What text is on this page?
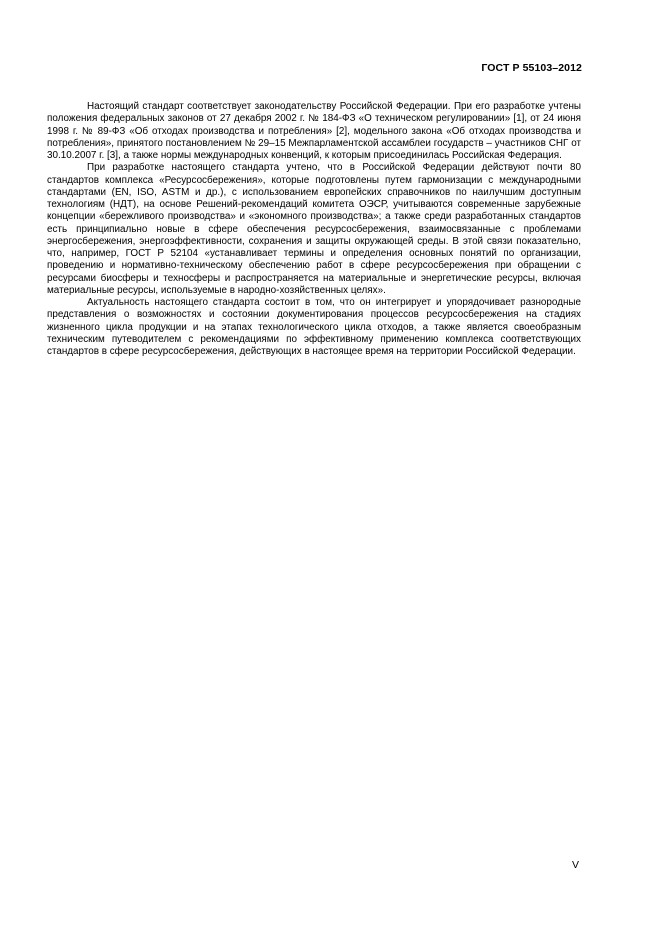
ГОСТ Р 55103–2012

Настоящий стандарт соответствует законодательству Российской Федерации. При его разработке учтены положения федеральных законов от 27 декабря 2002 г. № 184-ФЗ «О техническом регулировании» [1], от 24 июня 1998 г. № 89-ФЗ «Об отходах производства и потребления» [2], модельного закона «Об отходах производства и потребления», принятого постановлением № 29–15 Межпарламентской ассамблеи государств – участников СНГ от 30.10.2007 г. [3], а также нормы международных конвенций, к которым присоединилась Российская Федерация.

При разработке настоящего стандарта учтено, что в Российской Федерации действуют почти 80 стандартов комплекса «Ресурсосбережения», которые подготовлены путем гармонизации с международными стандартами (EN, ISO, ASTM и др.), с использованием европейских справочников по наилучшим доступным технологиям (НДТ), на основе Решений-рекомендаций комитета ОЭСР, учитываются современные зарубежные концепции «бережливого производства» и «экономного производства»; а также среди разработанных стандартов есть принципиально новые в сфере обеспечения ресурсосбережения, взаимосвязанные с проблемами энергосбережения, энергоэффективности, сохранения и защиты окружающей среды. В этой связи показательно, что, например, ГОСТ Р 52104 «устанавливает термины и определения основных понятий по организации, проведению и нормативно-техническому обеспечению работ в сфере ресурсосбережения при обращении с ресурсами биосферы и техносферы и распространяется на материальные и энергетические ресурсы, включая материальные ресурсы, используемые в народно-хозяйственных целях».

Актуальность настоящего стандарта состоит в том, что он интегрирует и упорядочивает разнородные представления о возможностях и состоянии документирования процессов ресурсосбережения на стадиях жизненного цикла продукции и на этапах технологического цикла отходов, а также является своеобразным техническим путеводителем с рекомендациями по эффективному применению комплекса соответствующих стандартов в сфере ресурсосбережения, действующих в настоящее время на территории Российской Федерации.

V
